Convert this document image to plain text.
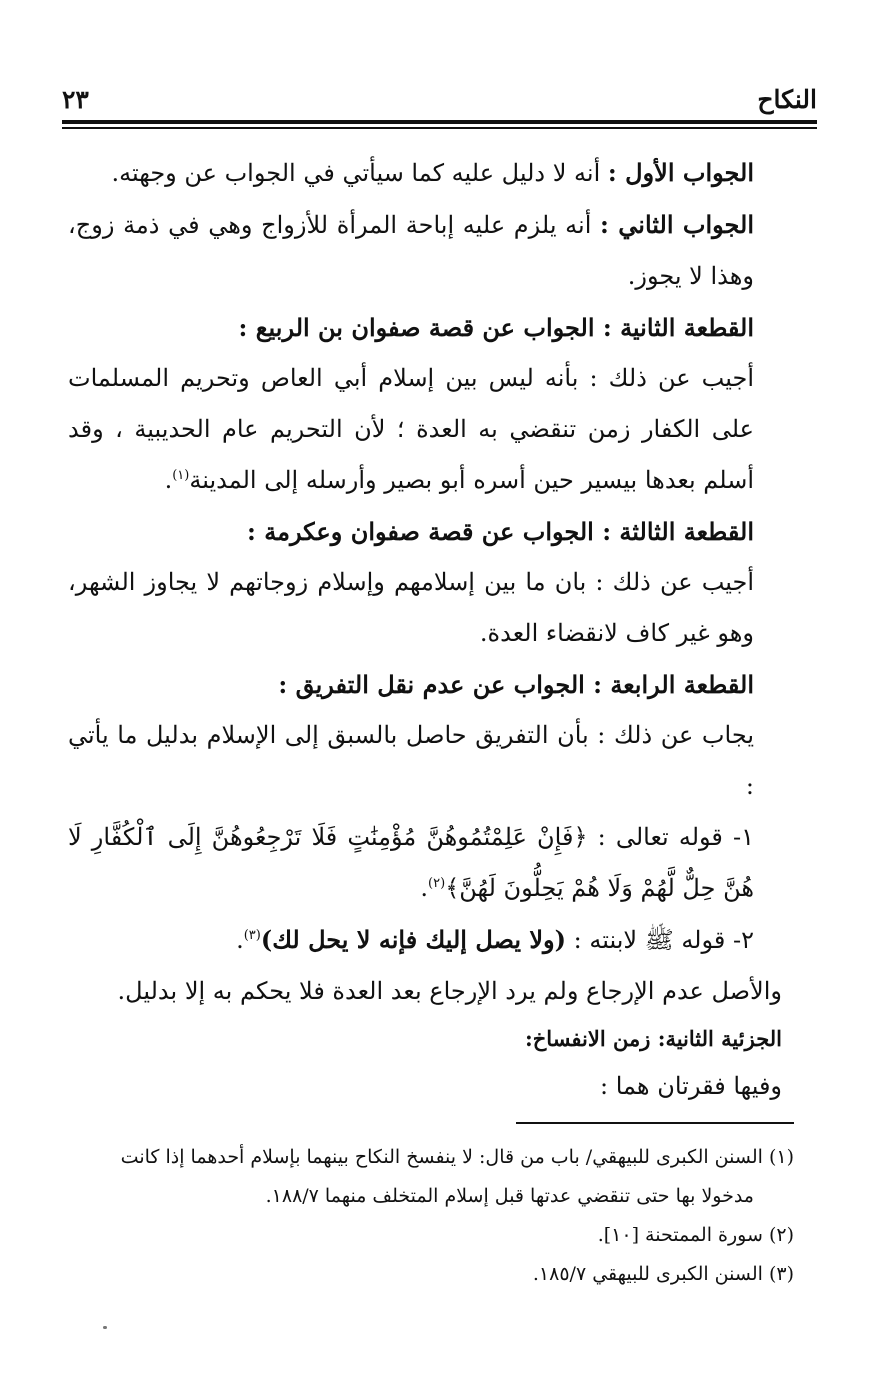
النكاح
٢٣

الجواب الأول : أنه لا دليل عليه كما سيأتي في الجواب عن وجهته.

الجواب الثاني : أنه يلزم عليه إباحة المرأة للأزواج وهي في ذمة زوج، وهذا لا يجوز.

القطعة الثانية : الجواب عن قصة صفوان بن الربيع :

أجيب عن ذلك : بأنه ليس بين إسلام أبي العاص وتحريم المسلمات على الكفار زمن تنقضي به العدة ؛ لأن التحريم عام الحديبية ، وقد أسلم بعدها بيسير حين أسره أبو بصير وأرسله إلى المدينة$^{(١)}$.

القطعة الثالثة : الجواب عن قصة صفوان وعكرمة :

أجيب عن ذلك : بان ما بين إسلامهم وإسلام زوجاتهم لا يجاوز الشهر، وهو غير كاف لانقضاء العدة.

القطعة الرابعة : الجواب عن عدم نقل التفريق :

يجاب عن ذلك : بأن التفريق حاصل بالسبق إلى الإسلام بدليل ما يأتي :

١- قوله تعالى : ﴿فَإِنْ عَلِمْتُمُوهُنَّ مُؤْمِنَٰتٍ فَلَا تَرْجِعُوهُنَّ إِلَى ٱلْكُفَّارِ لَا هُنَّ حِلٌّ لَّهُمْ وَلَا هُمْ يَحِلُّونَ لَهُنَّ﴾$^{(٢)}$.

٢- قوله ﷺ لابنته : (ولا يصل إليك فإنه لا يحل لك)$^{(٣)}$.

والأصل عدم الإرجاع ولم يرد الإرجاع بعد العدة فلا يحكم به إلا بدليل.

الجزئية الثانية: زمن الانفساخ:

وفيها فقرتان هما :

(١) السنن الكبرى للبيهقي/ باب من قال: لا ينفسخ النكاح بينهما بإسلام أحدهما إذا كانت

مدخولا بها حتى تنقضي عدتها قبل إسلام المتخلف منهما ١٨٨/٧.

(٢) سورة الممتحنة [١٠].

(٣) السنن الكبرى للبيهقي ١٨٥/٧.
